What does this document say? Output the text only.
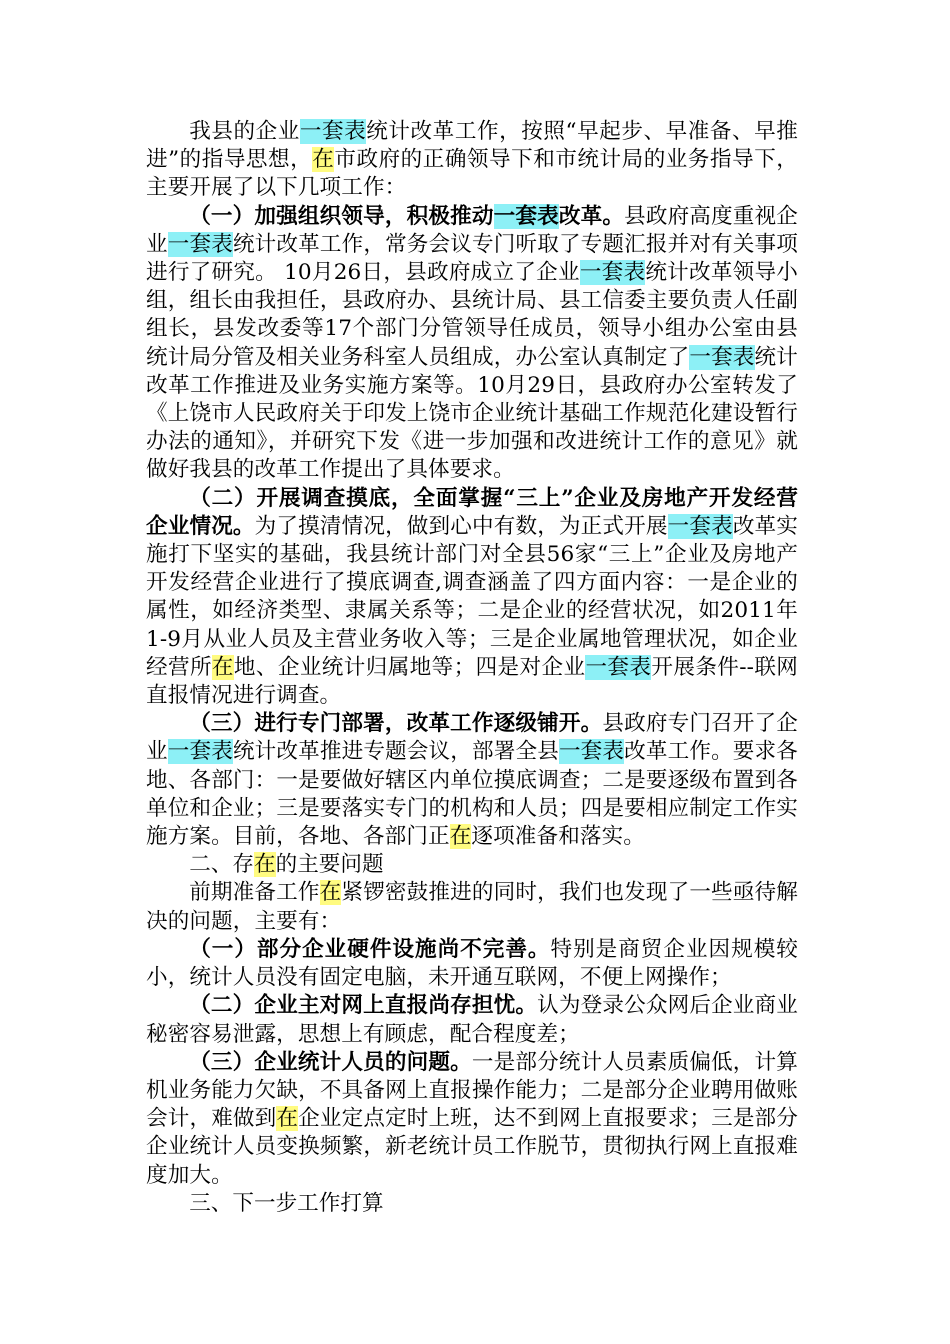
我县的企业一套表统计改革工作，按照“早起步、早准备、早推进”的指导思想，在市政府的正确领导下和市统计局的业务指导下，主要开展了以下几项工作：

（一）加强组织领导，积极推动一套表改革。县政府高度重视企业一套表统计改革工作，常务会议专门听取了专题汇报并对有关事项进行了研究。 10月26日，县政府成立了企业一套表统计改革领导小组，组长由我担任，县政府办、县统计局、县工信委主要负责人任副组长，县发改委等17个部门分管领导任成员，领导小组办公室由县统计局分管及相关业务科室人员组成，办公室认真制定了一套表统计改革工作推进及业务实施方案等。10月29日，县政府办公室转发了《上饶市人民政府关于印发上饶市企业统计基础工作规范化建设暂行办法的通知》，并研究下发《进一步加强和改进统计工作的意见》就做好我县的改革工作提出了具体要求。

（二）开展调查摸底，全面掌握“三上”企业及房地产开发经营企业情况。为了摸清情况，做到心中有数，为正式开展一套表改革实施打下坚实的基础，我县统计部门对全县56家“三上”企业及房地产开发经营企业进行了摸底调查,调查涵盖了四方面内容：一是企业的属性，如经济类型、隶属关系等；二是企业的经营状况，如2011年1-9月从业人员及主营业务收入等；三是企业属地管理状况，如企业经营所在地、企业统计归属地等；四是对企业一套表开展条件--联网直报情况进行调查。

（三）进行专门部署，改革工作逐级铺开。县政府专门召开了企业一套表统计改革推进专题会议，部署全县一套表改革工作。要求各地、各部门：一是要做好辖区内单位摸底调查；二是要逐级布置到各单位和企业；三是要落实专门的机构和人员；四是要相应制定工作实施方案。目前，各地、各部门正在逐项准备和落实。

二、存在的主要问题

前期准备工作在紧锣密鼓推进的同时，我们也发现了一些亟待解决的问题，主要有：

（一）部分企业硬件设施尚不完善。特别是商贸企业因规模较小，统计人员没有固定电脑，未开通互联网，不便上网操作；

（二）企业主对网上直报尚存担忧。认为登录公众网后企业商业秘密容易泄露，思想上有顾虑，配合程度差；

（三）企业统计人员的问题。一是部分统计人员素质偏低，计算机业务能力欠缺，不具备网上直报操作能力；二是部分企业聘用做账会计，难做到在企业定点定时上班，达不到网上直报要求；三是部分企业统计人员变换频繁，新老统计员工作脱节，贯彻执行网上直报难度加大。

三、下一步工作打算
